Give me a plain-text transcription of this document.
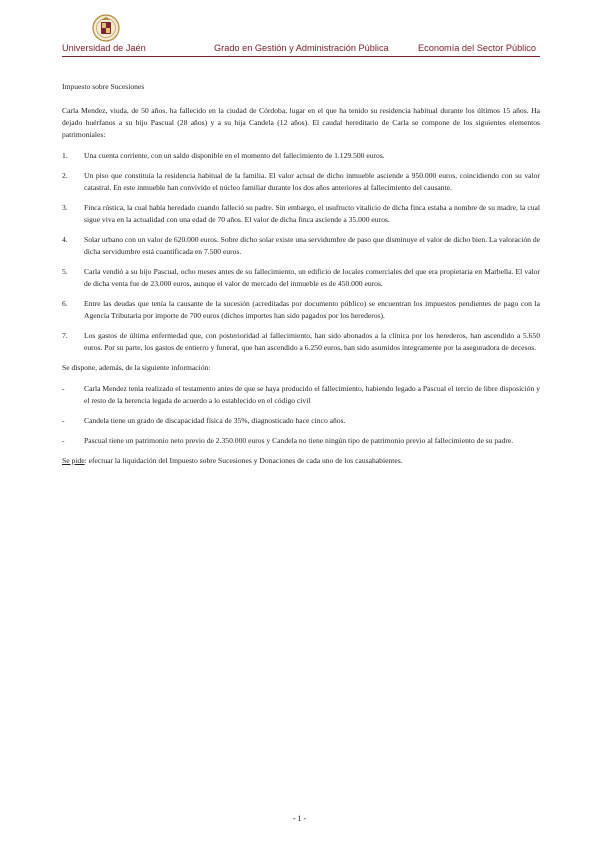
Universidad de Jaén	Grado en Gestión y Administración Pública	Economía del Sector Público
Impuesto sobre Sucesiones

Carla Mendez, viuda, de 50 años, ha fallecido en la ciudad de Córdoba, lugar en el que ha tenido su residencia habitual durante los últimos 15 años. Ha dejado huérfanos a su hijo Pascual (28 años) y a su hija Candela (12 años). El caudal hereditario de Carla se compone de los siguientes elementos patrimoniales:

1. Una cuenta corriente, con un saldo disponible en el momento del fallecimiento de 1.129.500 euros.
2. Un piso que constituía la residencia habitual de la familia. El valor actual de dicho inmueble asciende a 950.000 euros, coincidiendo con su valor catastral. En este inmueble han convivido el núcleo familiar durante los dos años anteriores al fallecimiento del causante.
3. Finca rústica, la cual había heredado cuando falleció su padre. Sin embargo, el usufructo vitalicio de dicha finca estaba a nombre de su madre, la cual sigue viva en la actualidad con una edad de 70 años. El valor de dicha finca asciende a 35.000 euros.
4. Solar urbano con un valor de 620.000 euros. Sobre dicho solar existe una servidumbre de paso que disminuye el valor de dicho bien. La valoración de dicha servidumbre está cuantificada en 7.500 euros.
5. Carla vendió a su hijo Pascual, ocho meses antes de su fallecimiento, un edificio de locales comerciales del que era propietaria en Marbella. El valor de dicha venta fue de 23.000 euros, aunque el valor de mercado del inmueble es de 450.000 euros.
6. Entre las deudas que tenía la causante de la sucesión (acreditadas por documento público) se encuentran los impuestos pendientes de pago con la Agencia Tributaria por importe de 700 euros (dichos importes han sido pagados por los herederos).
7. Los gastos de última enfermedad que, con posterioridad al fallecimiento, han sido abonados a la clínica por los herederos, han ascendido a 5.650 euros. Por su parte, los gastos de entierro y funeral, que han ascendido a 6.250 euros, han sido asumidos íntegramente por la aseguradora de decesos.

Se dispone, además, de la siguiente información:

-	Carla Mendez tenía realizado el testamento antes de que se haya producido el fallecimiento, habiendo legado a Pascual el tercio de libre disposición y el resto de la herencia legada de acuerdo a lo establecido en el código civil
-	Candela tiene un grado de discapacidad física de 35%, diagnosticado hace cinco años.
-	Pascual tiene un patrimonio neto previo de 2.350.000 euros y Candela no tiene ningún tipo de patrimonio previo al fallecimiento de su padre.

Se pide: efectuar la liquidación del Impuesto sobre Sucesiones y Donaciones de cada uno de los causahabientes.

- 1 -
